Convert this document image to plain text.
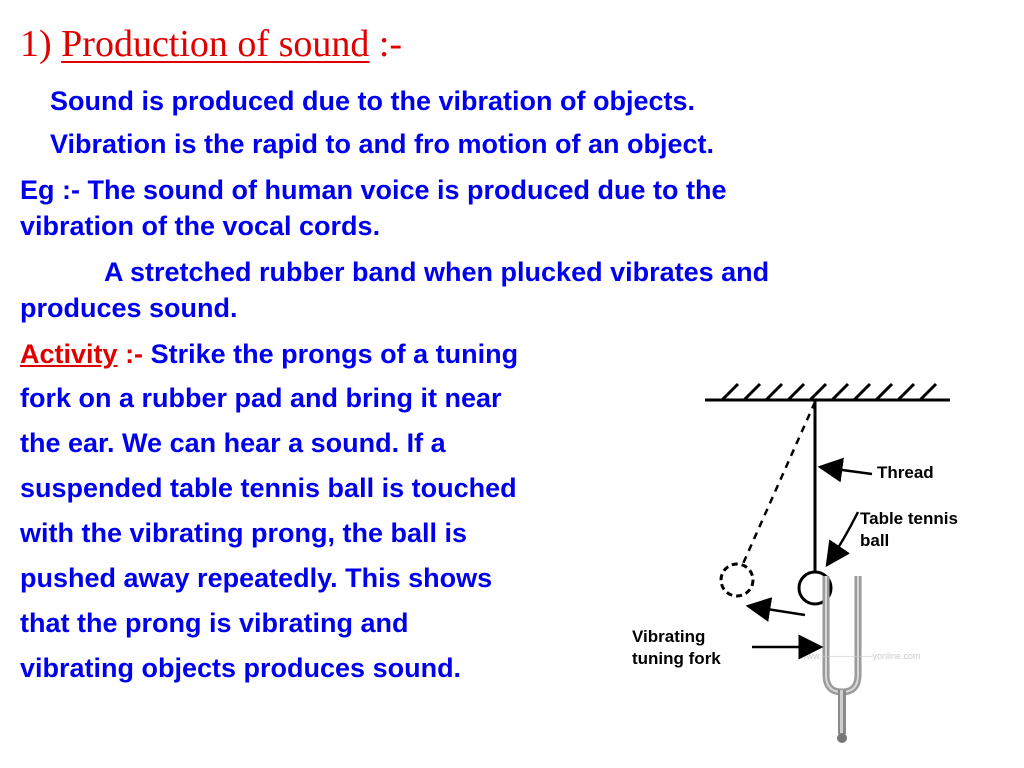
1) Production of sound :-

Sound is produced due to the vibration of objects.

Vibration is the rapid to and fro motion of an object.

Eg :- The sound of human voice is produced due to the

vibration of the vocal cords.

A stretched rubber band when plucked vibrates and

produces sound.

Activity :- Strike the prongs of a tuning

fork on a rubber pad and bring it near

the ear. We can hear a sound. If a

suspended table tennis ball is touched

with the vibrating prong, the ball is

pushed away repeatedly. This shows

that the prong is vibrating and

vibrating objects produces sound.	www.────────yonline.com
Thread
Table tennis
ball
Vibrating
tuning fork
